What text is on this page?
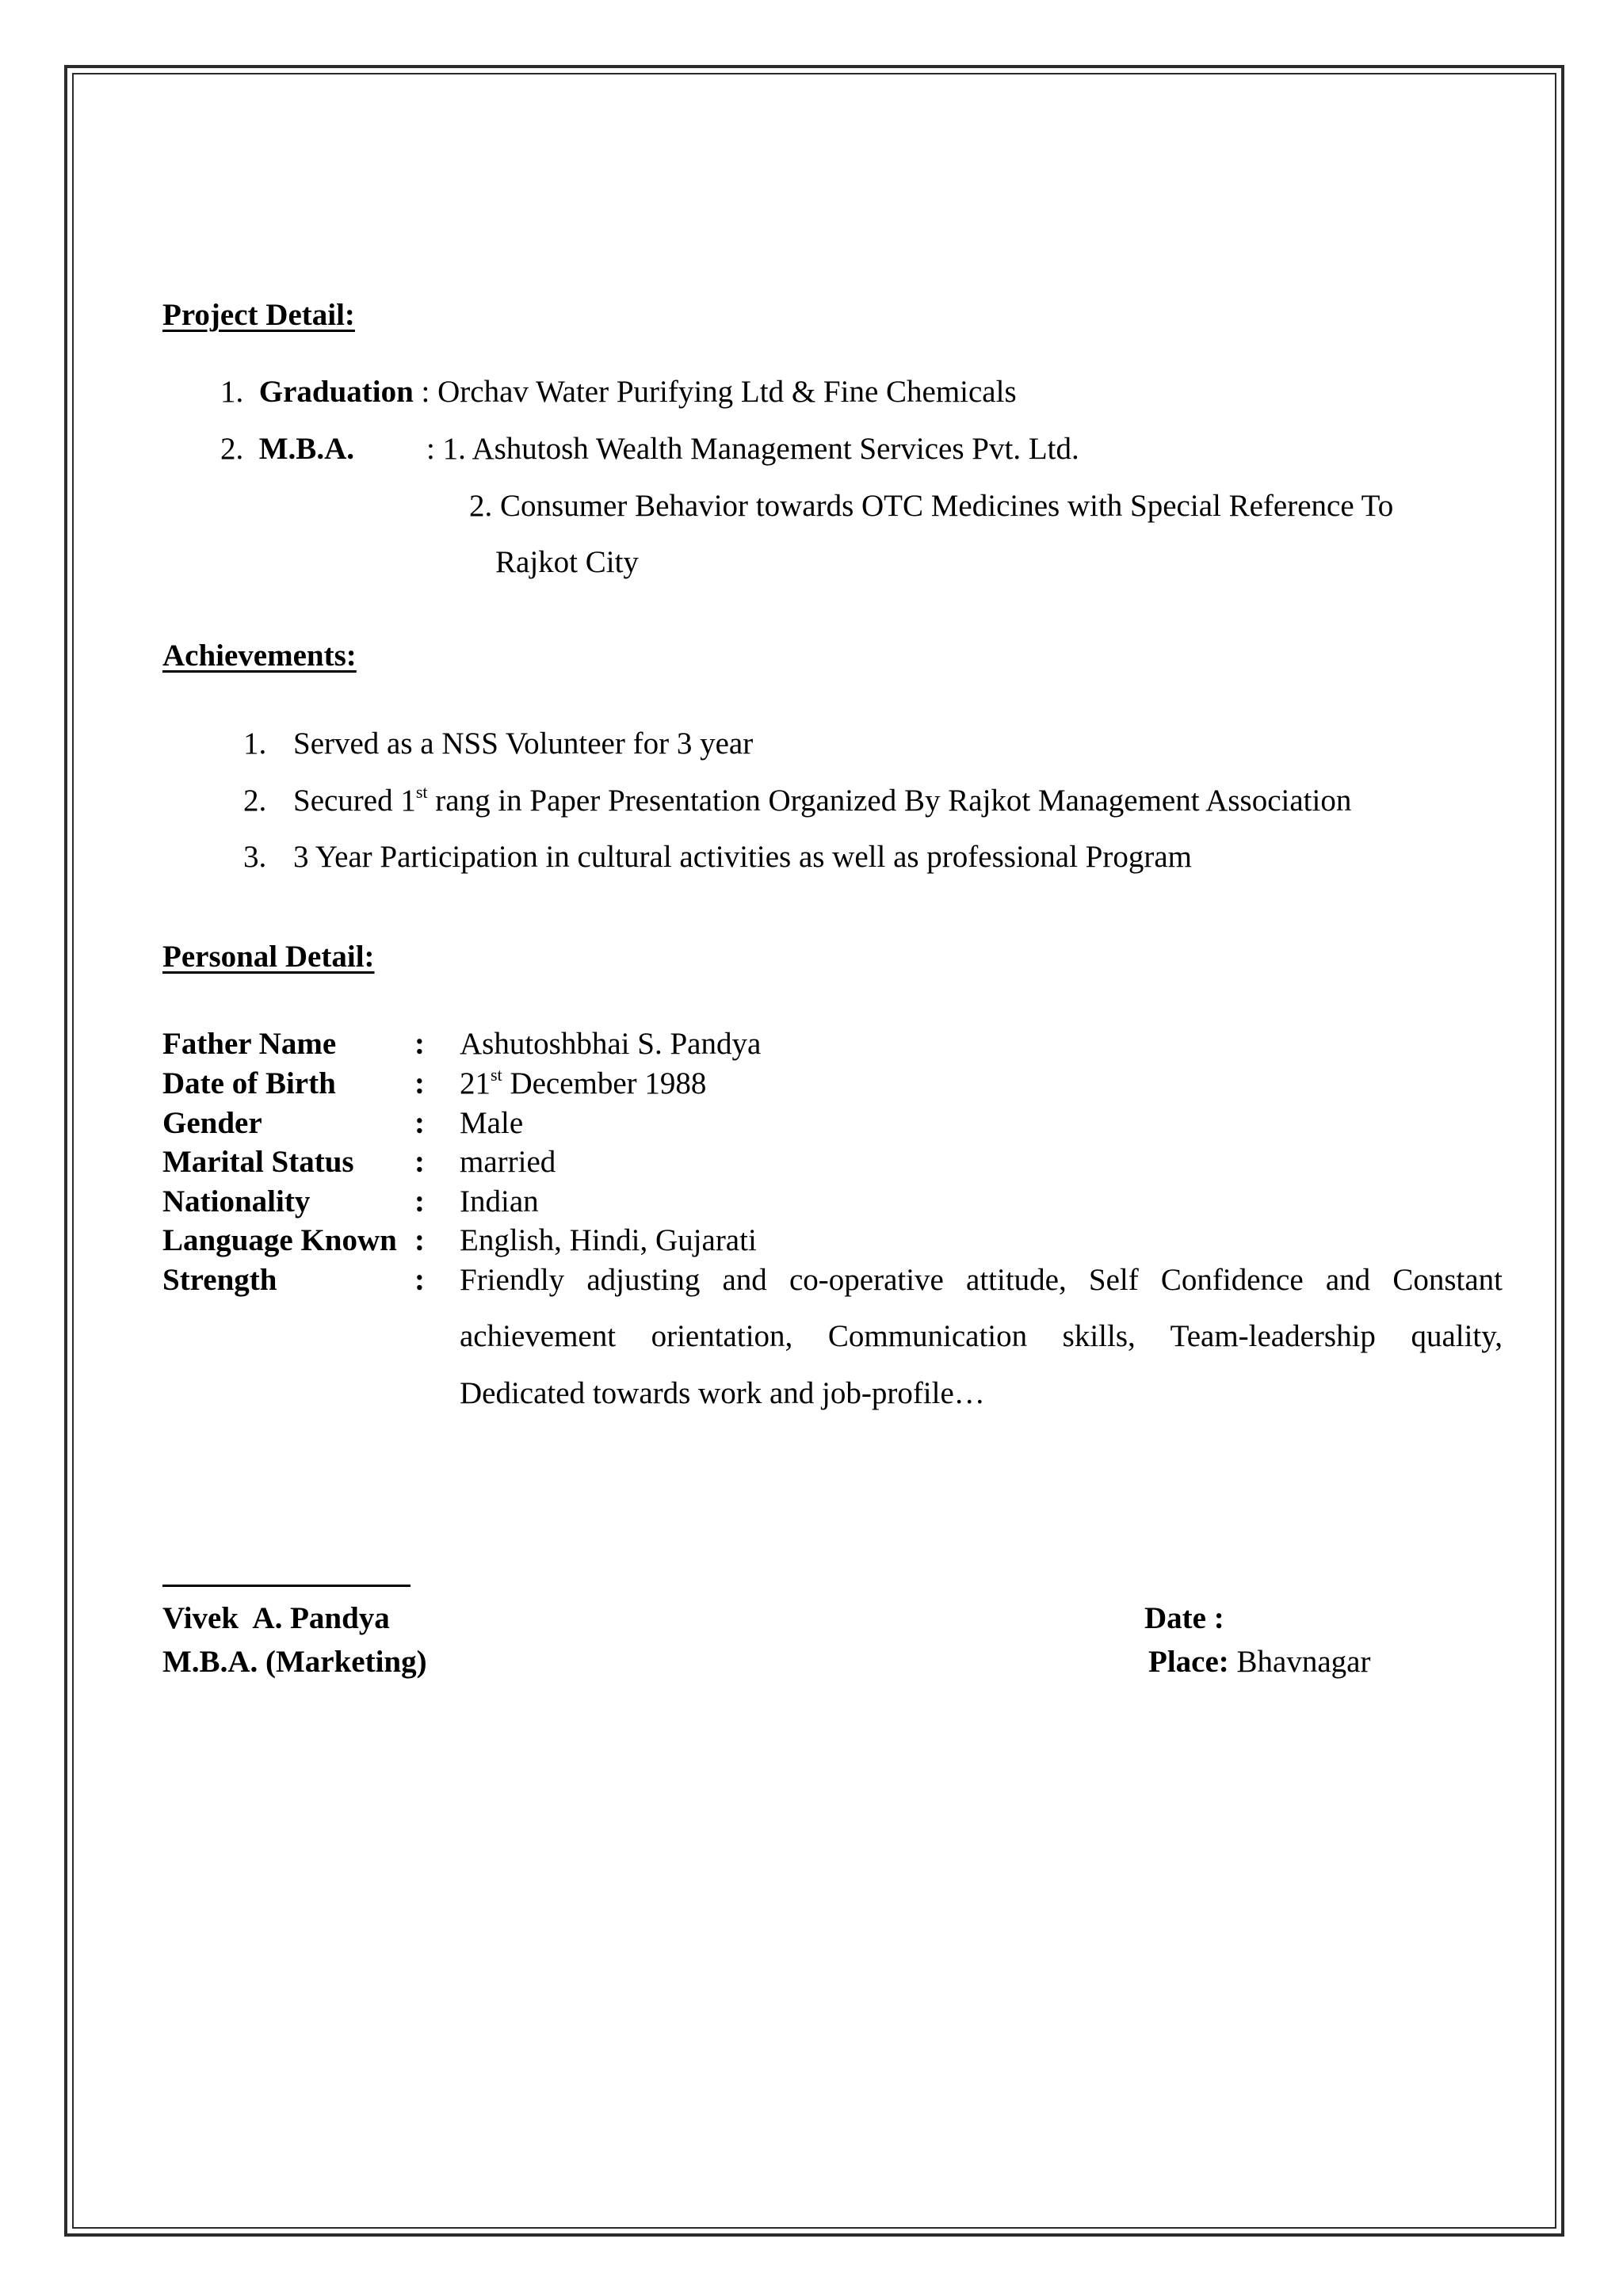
Project Detail:
1. Graduation : Orchav Water Purifying Ltd & Fine Chemicals
2. M.B.A. : 1. Ashutosh Wealth Management Services Pvt. Ltd.
2. Consumer Behavior towards OTC Medicines with Special Reference To
Rajkot City
Achievements:
1. Served as a NSS Volunteer for 3 year
2. Secured 1st rang in Paper Presentation Organized By Rajkot Management Association
3. 3 Year Participation in cultural activities as well as professional Program
Personal Detail:
Father Name	: Ashutoshbhai S. Pandya
Date of Birth	: 21st December 1988
Gender	: Male
Marital Status : married
Nationality	: Indian
Language Known : English, Hindi, Gujarati
Strength	: Friendly adjusting and co-operative attitude, Self Confidence and Constant
achievement orientation, Communication skills, Team-leadership quality,
Dedicated towards work and job-profile…
Vivek  A. Pandya
M.B.A. (Marketing)
Date :
Place: Bhavnagar
